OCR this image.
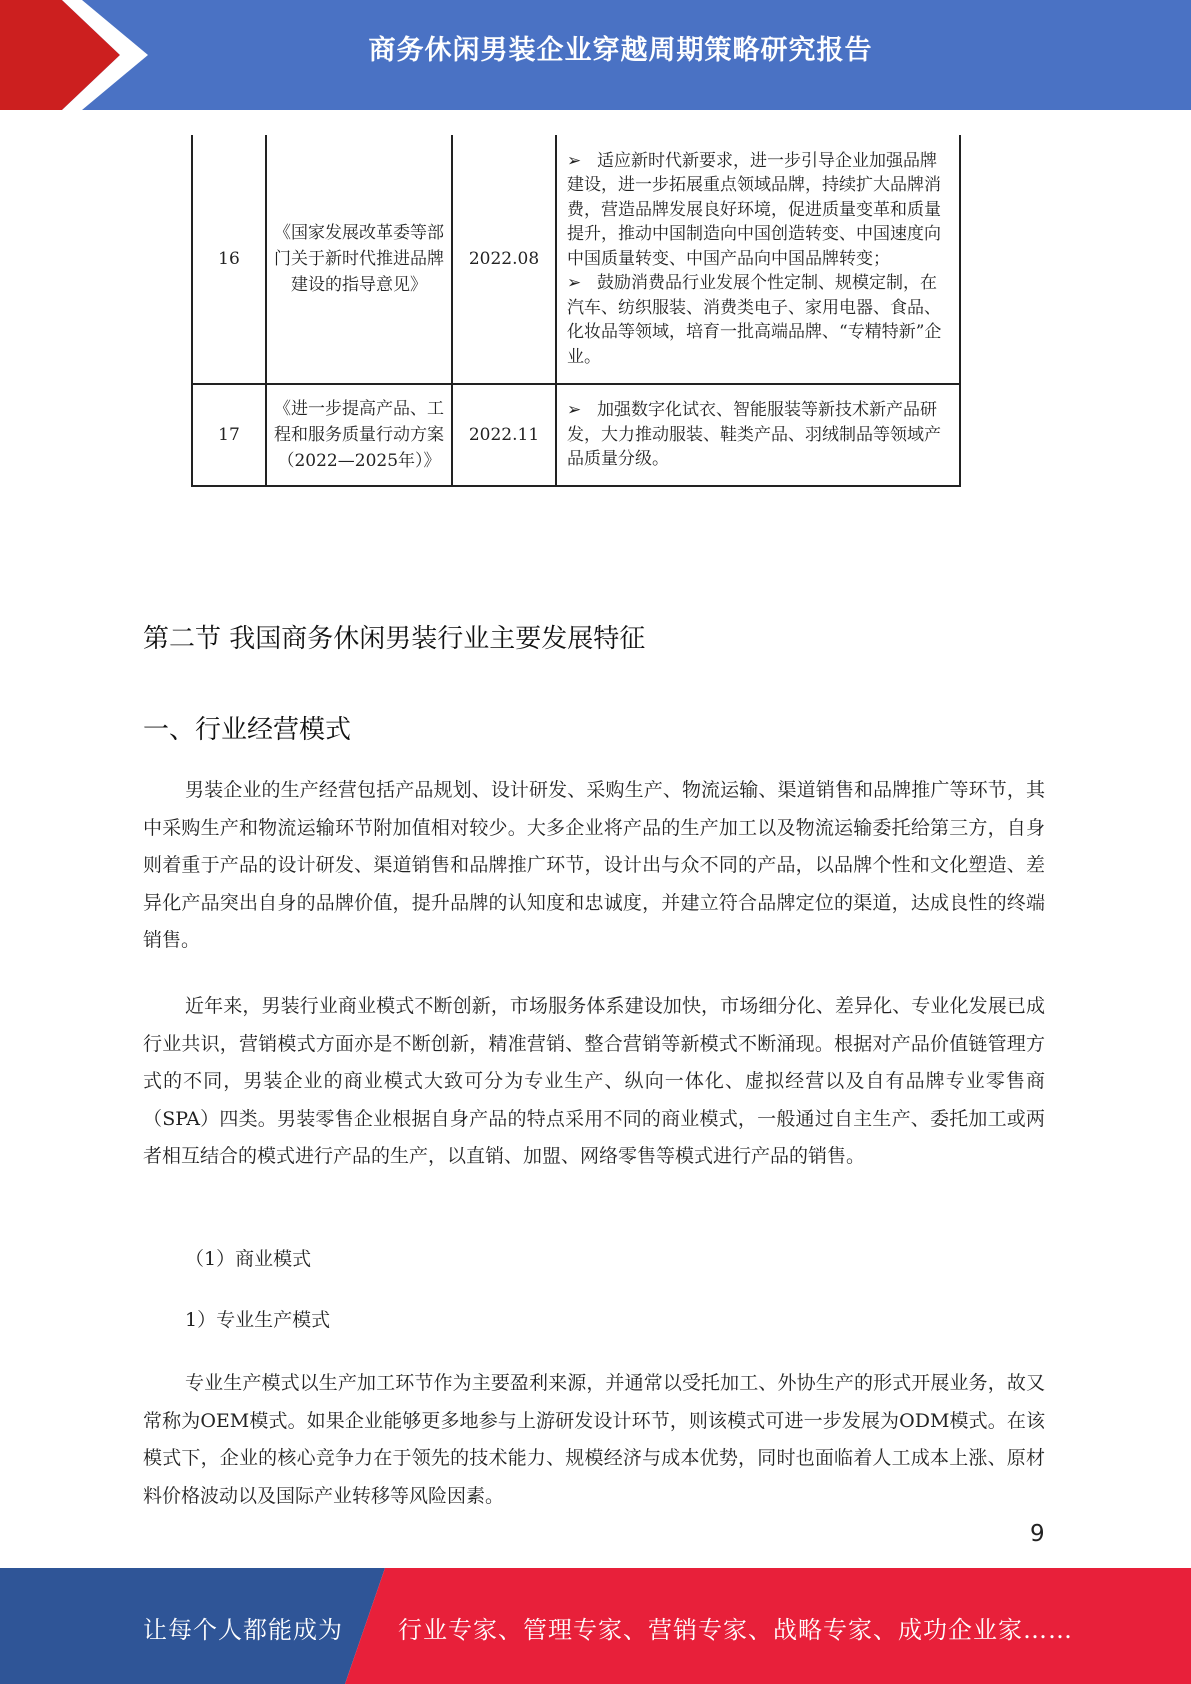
商务休闲男装企业穿越周期策略研究报告
16	《国家发展改革委等部门关于新时代推进品牌建设的指导意见》	2022.08	➢ 适应新时代新要求，进一步引导企业加强品牌建设，进一步拓展重点领域品牌，持续扩大品牌消费，营造品牌发展良好环境，促进质量变革和质量提升，推动中国制造向中国创造转变、中国速度向中国质量转变、中国产品向中国品牌转变；
➢ 鼓励消费品行业发展个性定制、规模定制，在汽车、纺织服装、消费类电子、家用电器、食品、化妆品等领域，培育一批高端品牌、“专精特新”企业。

17	《进一步提高产品、工程和服务质量行动方案（2022—2025年）》	2022.11	➢ 加强数字化试衣、智能服装等新技术新产品研发，大力推动服装、鞋类产品、羽绒制品等领域产品质量分级。
第二节 我国商务休闲男装行业主要发展特征
一、行业经营模式
男装企业的生产经营包括产品规划、设计研发、采购生产、物流运输、渠道销售和品牌推广等环节，其中采购生产和物流运输环节附加值相对较少。大多企业将产品的生产加工以及物流运输委托给第三方，自身则着重于产品的设计研发、渠道销售和品牌推广环节，设计出与众不同的产品，以品牌个性和文化塑造、差异化产品突出自身的品牌价值，提升品牌的认知度和忠诚度，并建立符合品牌定位的渠道，达成良性的终端销售。
近年来，男装行业商业模式不断创新，市场服务体系建设加快，市场细分化、差异化、专业化发展已成行业共识，营销模式方面亦是不断创新，精准营销、整合营销等新模式不断涌现。根据对产品价值链管理方式的不同，男装企业的商业模式大致可分为专业生产、纵向一体化、虚拟经营以及自有品牌专业零售商（SPA）四类。男装零售企业根据自身产品的特点采用不同的商业模式，一般通过自主生产、委托加工或两者相互结合的模式进行产品的生产，以直销、加盟、网络零售等模式进行产品的销售。
（1）商业模式
1）专业生产模式
专业生产模式以生产加工环节作为主要盈利来源，并通常以受托加工、外协生产的形式开展业务，故又常称为OEM模式。如果企业能够更多地参与上游研发设计环节，则该模式可进一步发展为ODM模式。在该模式下，企业的核心竞争力在于领先的技术能力、规模经济与成本优势，同时也面临着人工成本上涨、原材料价格波动以及国际产业转移等风险因素。
9
让每个人都能成为 行业专家、管理专家、营销专家、战略专家、成功企业家……
